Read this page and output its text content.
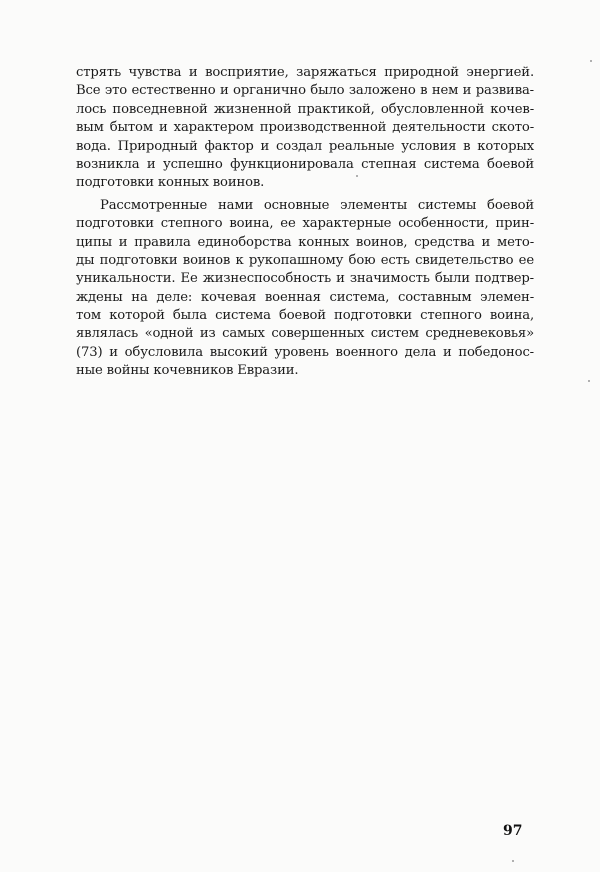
стрять чувства и восприятие, заряжаться природной энергией.
Все это естественно и органично было заложено в нем и развива-
лось повседневной жизненной практикой, обусловленной кочев-
вым бытом и характером производственной деятельности ското-
вода. Природный фактор и создал реальные условия в которых
возникла и успешно функционировала степная система боевой
подготовки конных воинов.
Рассмотренные нами основные элементы системы боевой
подготовки степного воина, ее характерные особенности, прин-
ципы и правила единоборства конных воинов, средства и мето-
ды подготовки воинов к рукопашному бою есть свидетельство ее
уникальности. Ее жизнеспособность и значимость были подтвер-
ждены на деле: кочевая военная система, составным элемен-
том которой была система боевой подготовки степного воина,
являлась «одной из самых совершенных систем средневековья»
(73) и обусловила высокий уровень военного дела и победонос-
ные войны кочевников Евразии.
97
